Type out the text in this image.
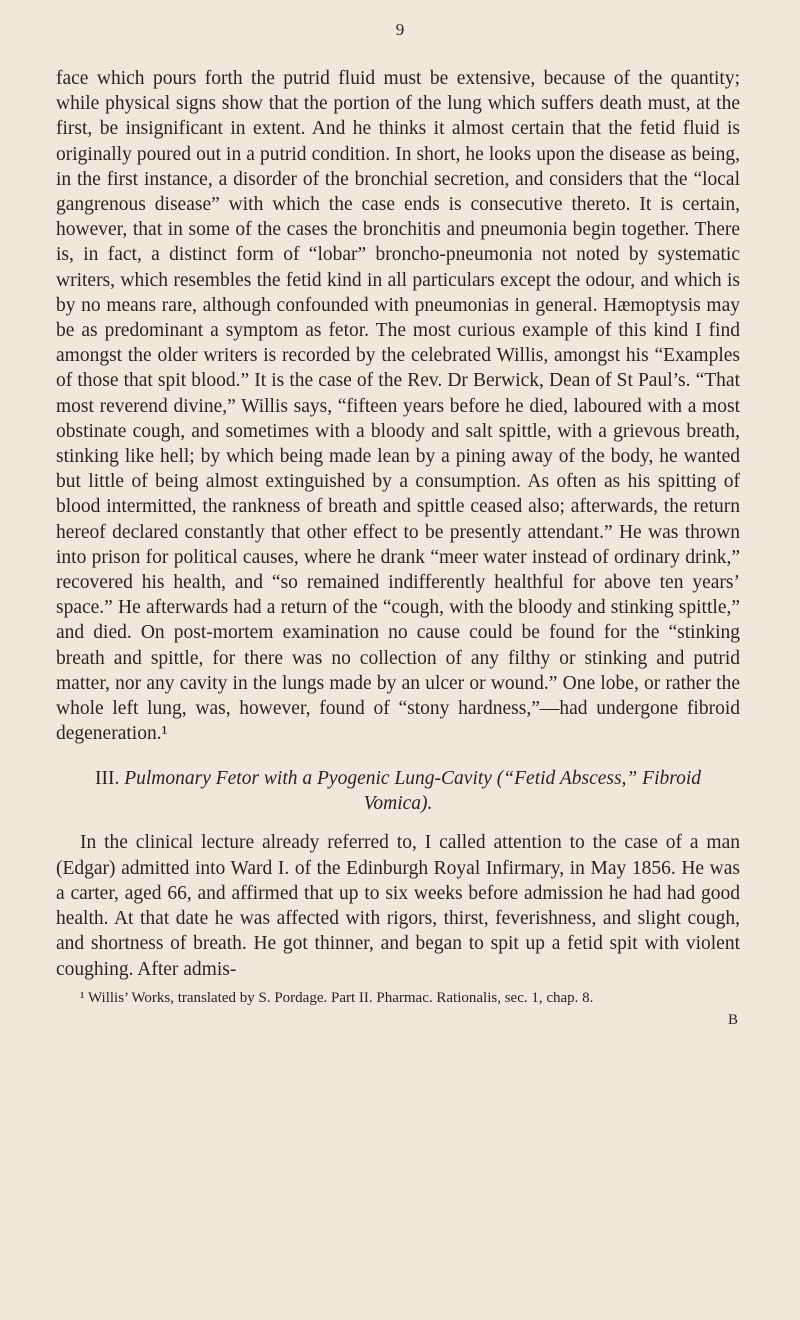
9

face which pours forth the putrid fluid must be extensive, because of the quantity; while physical signs show that the portion of the lung which suffers death must, at the first, be insignificant in extent. And he thinks it almost certain that the fetid fluid is originally poured out in a putrid condition. In short, he looks upon the disease as being, in the first instance, a disorder of the bronchial secretion, and considers that the “local gangrenous disease” with which the case ends is consecutive thereto. It is certain, however, that in some of the cases the bronchitis and pneumonia begin together. There is, in fact, a distinct form of “lobar” broncho-pneumonia not noted by systematic writers, which resembles the fetid kind in all particulars except the odour, and which is by no means rare, although confounded with pneumonias in general. Hæmoptysis may be as predominant a symptom as fetor. The most curious example of this kind I find amongst the older writers is recorded by the celebrated Willis, amongst his “Examples of those that spit blood.” It is the case of the Rev. Dr Berwick, Dean of St Paul’s. “That most reverend divine,” Willis says, “fifteen years before he died, laboured with a most obstinate cough, and sometimes with a bloody and salt spittle, with a grievous breath, stinking like hell; by which being made lean by a pining away of the body, he wanted but little of being almost extinguished by a consumption. As often as his spitting of blood intermitted, the rankness of breath and spittle ceased also; afterwards, the return hereof declared constantly that other effect to be presently attendant.” He was thrown into prison for political causes, where he drank “meer water instead of ordinary drink,” recovered his health, and “so remained indifferently healthful for above ten years’ space.” He afterwards had a return of the “cough, with the bloody and stinking spittle,” and died. On post-mortem examination no cause could be found for the “stinking breath and spittle, for there was no collection of any filthy or stinking and putrid matter, nor any cavity in the lungs made by an ulcer or wound.” One lobe, or rather the whole left lung, was, however, found of “stony hardness,”—had undergone fibroid degeneration.¹

III. Pulmonary Fetor with a Pyogenic Lung-Cavity (“Fetid Abscess,” Fibroid Vomica).

In the clinical lecture already referred to, I called attention to the case of a man (Edgar) admitted into Ward I. of the Edinburgh Royal Infirmary, in May 1856. He was a carter, aged 66, and affirmed that up to six weeks before admission he had had good health. At that date he was affected with rigors, thirst, feverishness, and slight cough, and shortness of breath. He got thinner, and began to spit up a fetid spit with violent coughing. After admis-

¹ Willis’ Works, translated by S. Pordage. Part II. Pharmac. Rationalis, sec. 1, chap. 8.

B
